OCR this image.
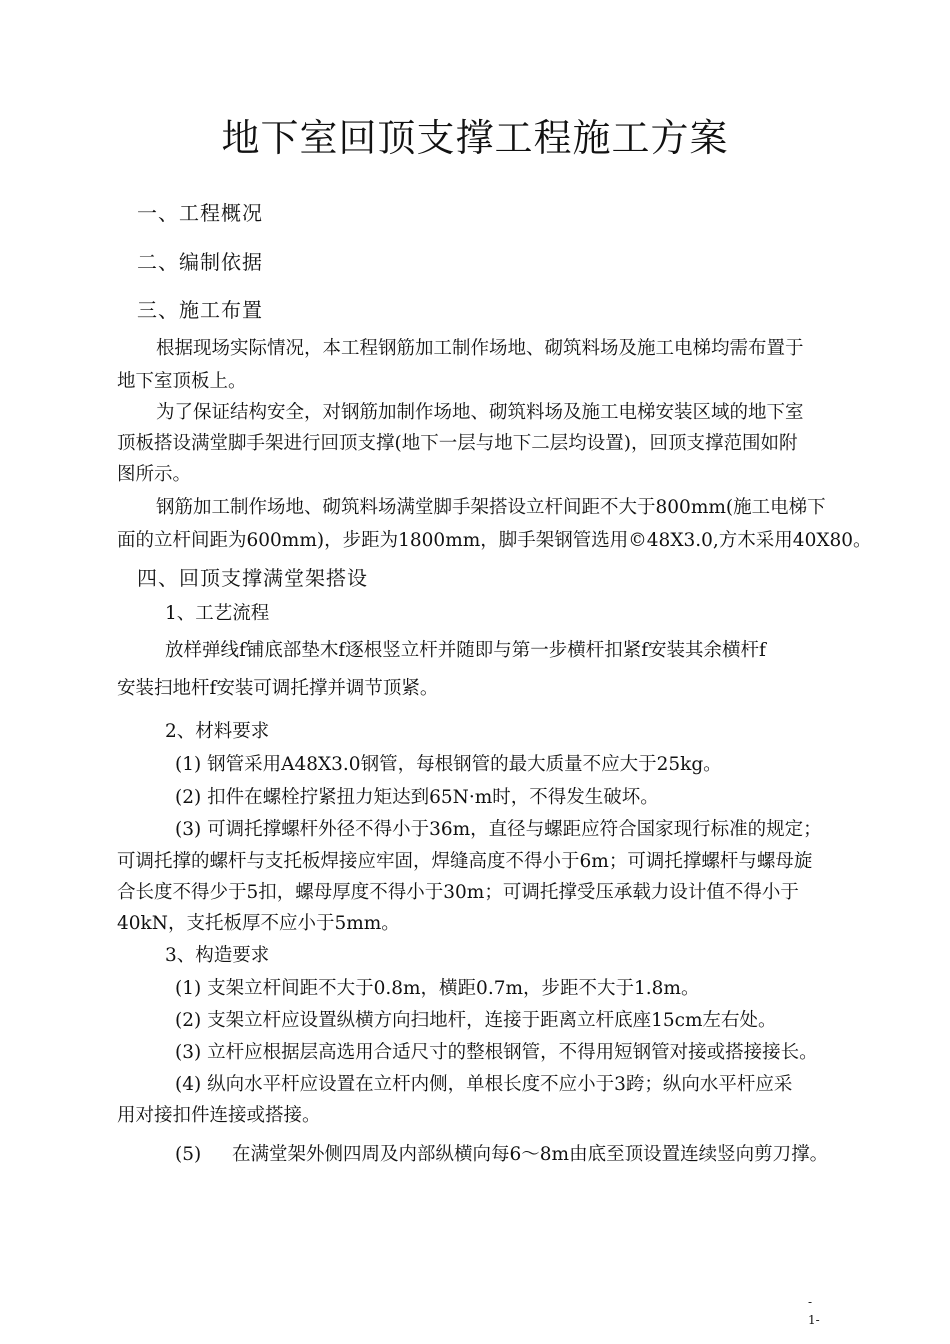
地下室回顶支撑工程施工方案
一、工程概况
二、编制依据
三、施工布置
根据现场实际情况，本工程钢筋加工制作场地、砌筑料场及施工电梯均需布置于
地下室顶板上。
为了保证结构安全，对钢筋加制作场地、砌筑料场及施工电梯安装区域的地下室
顶板搭设满堂脚手架进行回顶支撑(地下一层与地下二层均设置)，回顶支撑范围如附
图所示。
钢筋加工制作场地、砌筑料场满堂脚手架搭设立杆间距不大于800mm(施工电梯下
面的立杆间距为600mm)，步距为1800mm，脚手架钢管选用©48X3.0,方木采用40X80。
四、回顶支撑满堂架搭设
1、工艺流程
放样弹线f铺底部垫木f逐根竖立杆并随即与第一步横杆扣紧f安装其余横杆f
安装扫地杆f安装可调托撑并调节顶紧。
2、材料要求
(1) 钢管采用A48X3.0钢管，每根钢管的最大质量不应大于25kg。
(2) 扣件在螺栓拧紧扭力矩达到65N·m时，不得发生破坏。
(3) 可调托撑螺杆外径不得小于36m，直径与螺距应符合国家现行标准的规定；
可调托撑的螺杆与支托板焊接应牢固，焊缝高度不得小于6m；可调托撑螺杆与螺母旋
合长度不得少于5扣，螺母厚度不得小于30m；可调托撑受压承载力设计值不得小于
40kN，支托板厚不应小于5mm。
3、构造要求
(1) 支架立杆间距不大于0.8m，横距0.7m，步距不大于1.8m。
(2) 支架立杆应设置纵横方向扫地杆，连接于距离立杆底座15cm左右处。
(3) 立杆应根据层高选用合适尺寸的整根钢管，不得用短钢管对接或搭接接长。
(4) 纵向水平杆应设置在立杆内侧，单根长度不应小于3跨；纵向水平杆应采
用对接扣件连接或搭接。
(5) 在满堂架外侧四周及内部纵横向每6〜8m由底至顶设置连续竖向剪刀撑。
-
1-
